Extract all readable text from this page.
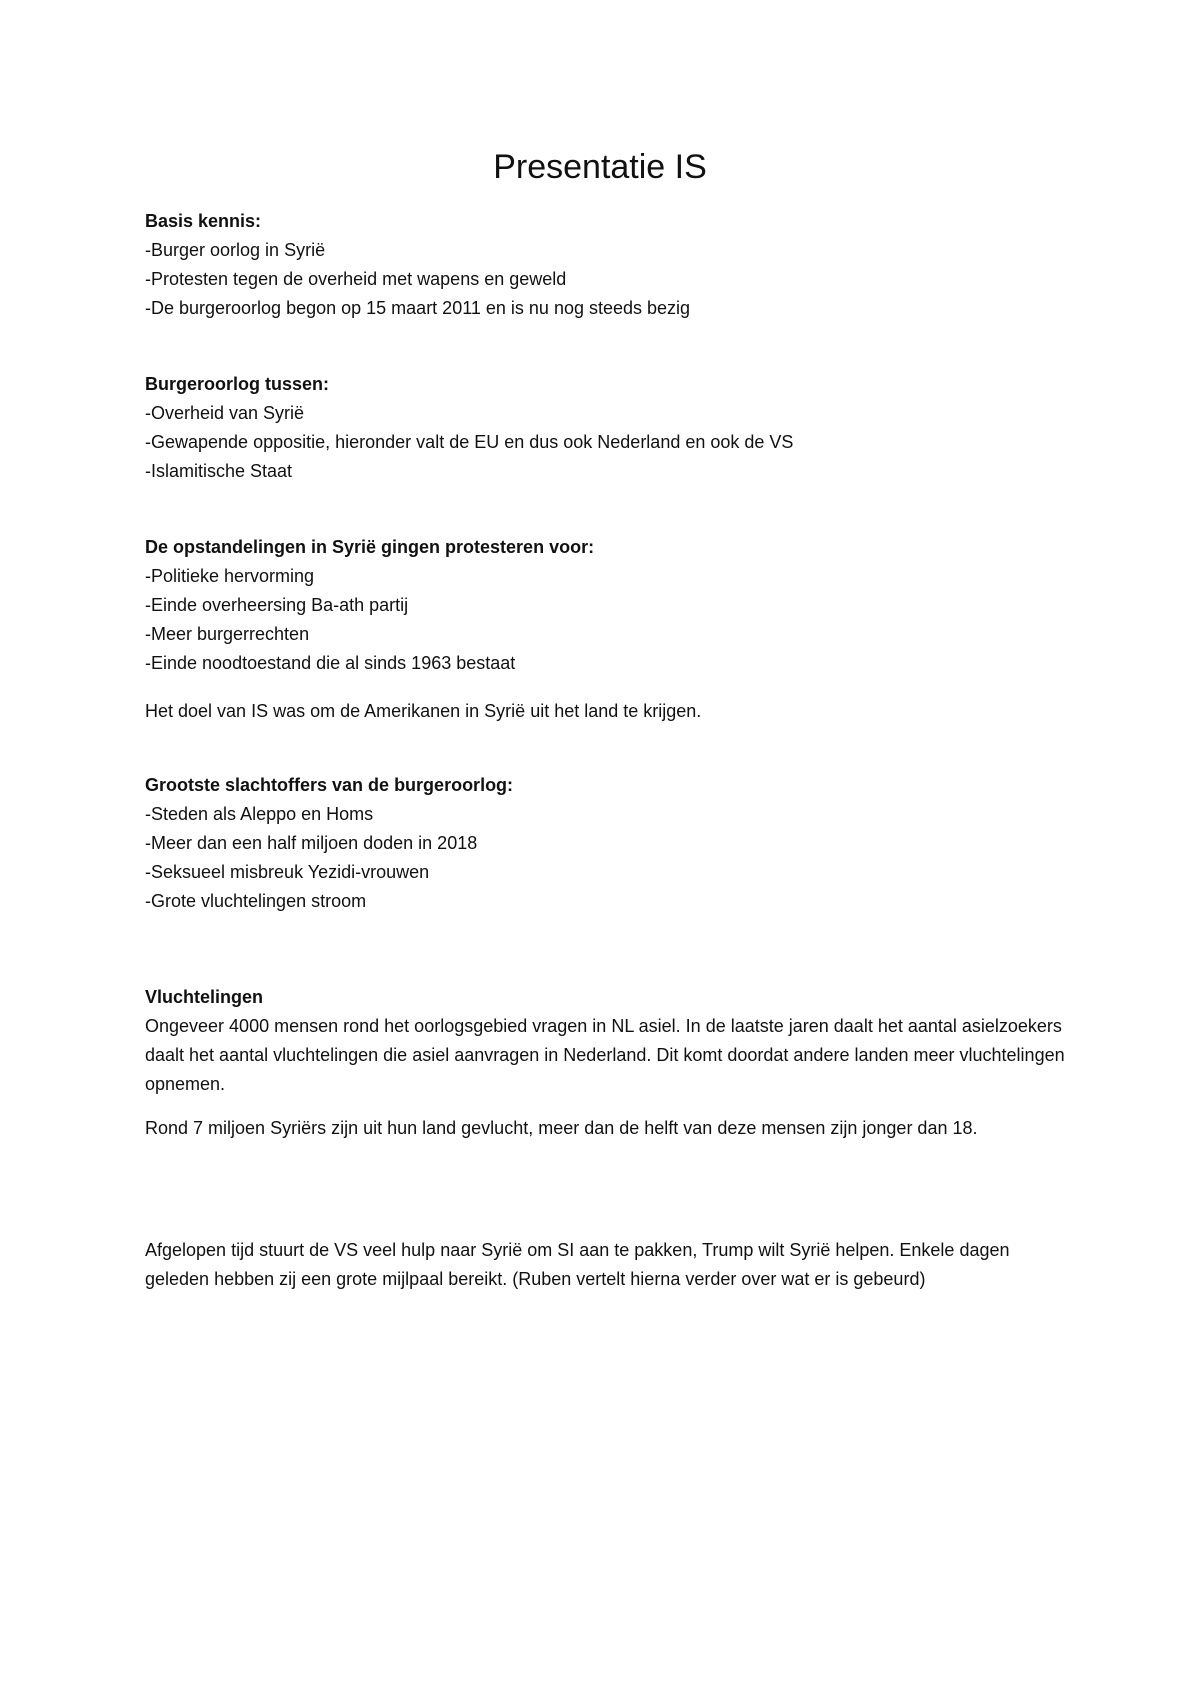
Presentatie IS

Basis kennis:

-Burger oorlog in Syrië

-Protesten tegen de overheid met wapens en geweld

-De burgeroorlog begon op 15 maart 2011 en is nu nog steeds bezig

Burgeroorlog tussen:

-Overheid van Syrië

-Gewapende oppositie, hieronder valt de EU en dus ook Nederland en ook de VS

-Islamitische Staat

De opstandelingen in Syrië gingen protesteren voor:

-Politieke hervorming

-Einde overheersing Ba-ath partij

-Meer burgerrechten

-Einde noodtoestand die al sinds 1963 bestaat

Het doel van IS was om de Amerikanen in Syrië uit het land te krijgen.

Grootste slachtoffers van de burgeroorlog:

-Steden als Aleppo en Homs

-Meer dan een half miljoen doden in 2018

-Seksueel misbreuk Yezidi-vrouwen

-Grote vluchtelingen stroom

Vluchtelingen

Ongeveer 4000 mensen rond het oorlogsgebied vragen in NL asiel. In de laatste jaren daalt het aantal asielzoekers daalt het aantal vluchtelingen die asiel aanvragen in Nederland. Dit komt doordat andere landen meer vluchtelingen opnemen.

Rond 7 miljoen Syriërs zijn uit hun land gevlucht, meer dan de helft van deze mensen zijn jonger dan 18.

Afgelopen tijd stuurt de VS veel hulp naar Syrië om SI aan te pakken, Trump wilt Syrië helpen. Enkele dagen geleden hebben zij een grote mijlpaal bereikt. (Ruben vertelt hierna verder over wat er is gebeurd)
